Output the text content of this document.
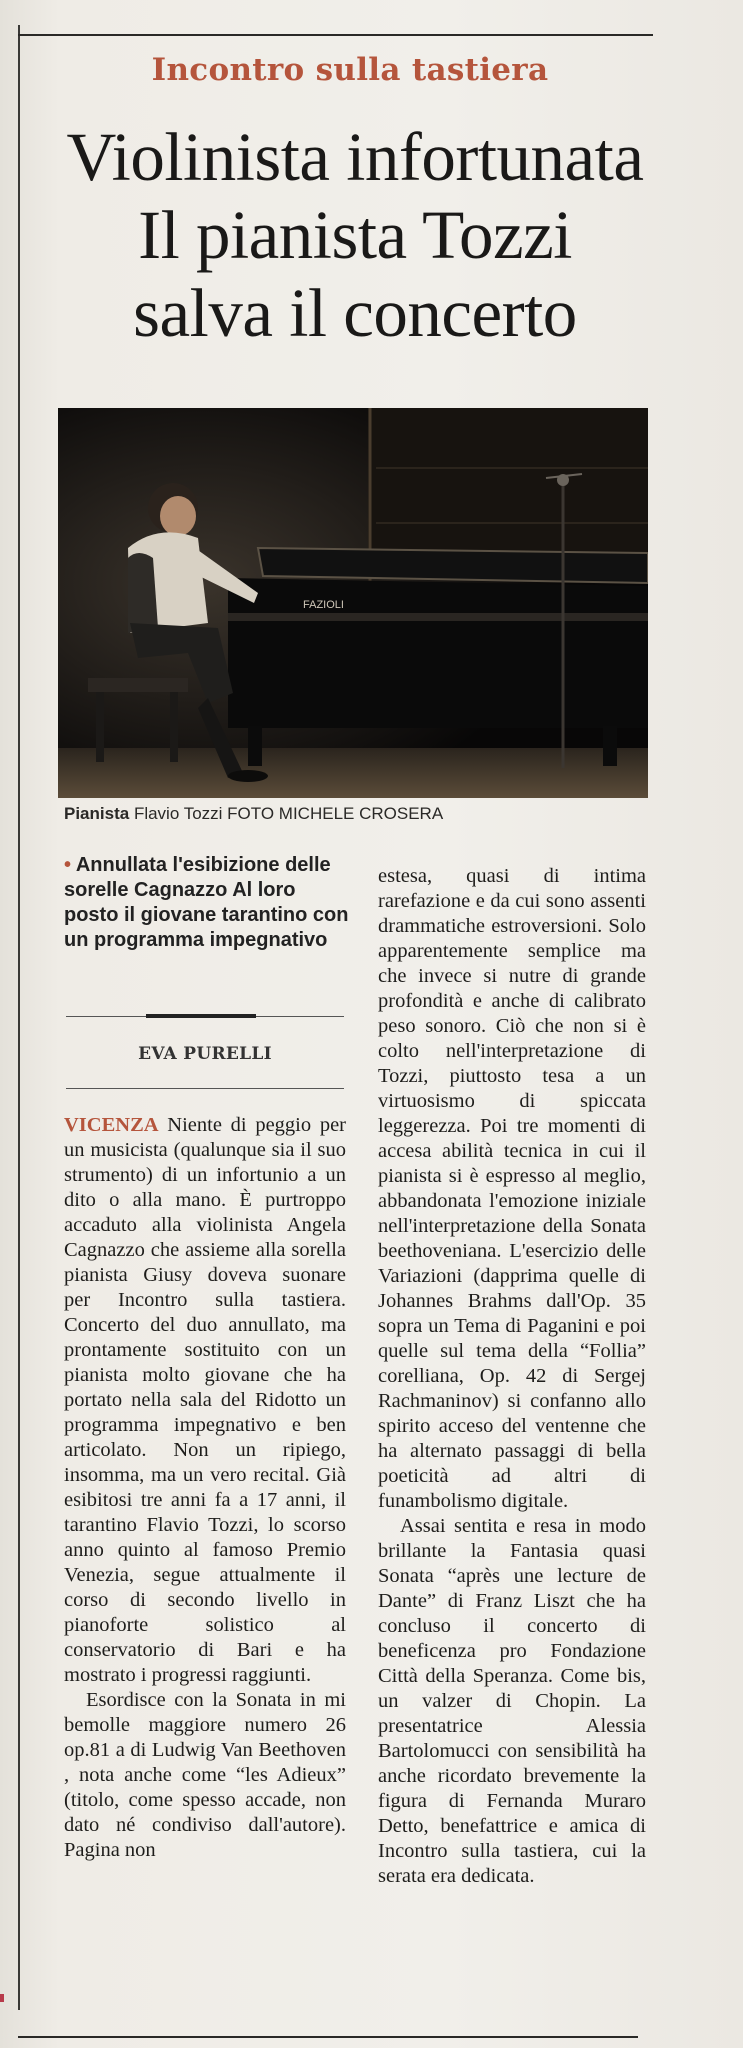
Incontro sulla tastiera
Violinista infortunata
Il pianista Tozzi
salva il concerto
FAZIOLI
Pianista Flavio Tozzi FOTO MICHELE CROSERA
• Annullata l'esibizione delle sorelle Cagnazzo Al loro posto il giovane tarantino con un programma impegnativo
EVA PURELLI

VICENZA Niente di peggio per un musicista (qualunque sia il suo strumento) di un infortunio a un dito o alla mano. È purtroppo accaduto alla violinista Angela Cagnazzo che assieme alla sorella pianista Giusy doveva suonare per Incontro sulla tastiera. Concerto del duo annullato, ma prontamente sostituito con un pianista molto giovane che ha portato nella sala del Ridotto un programma impegnativo e ben articolato. Non un ripiego, insomma, ma un vero recital. Già esibitosi tre anni fa a 17 anni, il tarantino Flavio Tozzi, lo scorso anno quinto al famoso Premio Venezia, segue attualmente il corso di secondo livello in pianoforte solistico al conservatorio di Bari e ha mostrato i progressi raggiunti.

Esordisce con la Sonata in mi bemolle maggiore numero 26 op.81 a di Ludwig Van Beethoven , nota anche come “les Adieux” (titolo, come spesso accade, non dato né condiviso dall'autore). Pagina non

estesa, quasi di intima rarefazione e da cui sono assenti drammatiche estroversioni. Solo apparentemente semplice ma che invece si nutre di grande profondità e anche di calibrato peso sonoro. Ciò che non si è colto nell'interpretazione di Tozzi, piuttosto tesa a un virtuosismo di spiccata leggerezza. Poi tre momenti di accesa abilità tecnica in cui il pianista si è espresso al meglio, abbandonata l'emozione iniziale nell'interpretazione della Sonata beethoveniana. L'esercizio delle Variazioni (dapprima quelle di Johannes Brahms dall'Op. 35 sopra un Tema di Paganini e poi quelle sul tema della “Follia” corelliana, Op. 42 di Sergej Rachmaninov) si confanno allo spirito acceso del ventenne che ha alternato passaggi di bella poeticità ad altri di funambolismo digitale.

Assai sentita e resa in modo brillante la Fantasia quasi Sonata “après une lecture de Dante” di Franz Liszt che ha concluso il concerto di beneficenza pro Fondazione Città della Speranza. Come bis, un valzer di Chopin. La presentatrice Alessia Bartolomucci con sensibilità ha anche ricordato brevemente la figura di Fernanda Muraro Detto, benefattrice e amica di Incontro sulla tastiera, cui la serata era dedicata.
